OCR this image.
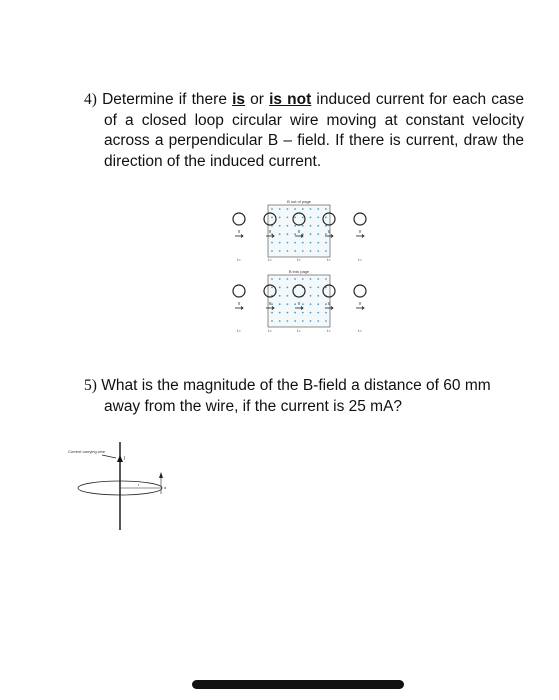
4) Determine if there is or is not induced current for each case of a closed loop circular wire moving at constant velocity across a perpendicular B – field. If there is current, draw the direction of the induced current.
B out of page
B into page
v	v	v	v	v
I=	I=	I=	I=	I=
v	v	v	v	v
I=	I=	I=	I=	I=
5) What is the magnitude of the B-field a distance of 60 mm away from the wire, if the current is 25 mA?
Current carrying wire
I
r
d
